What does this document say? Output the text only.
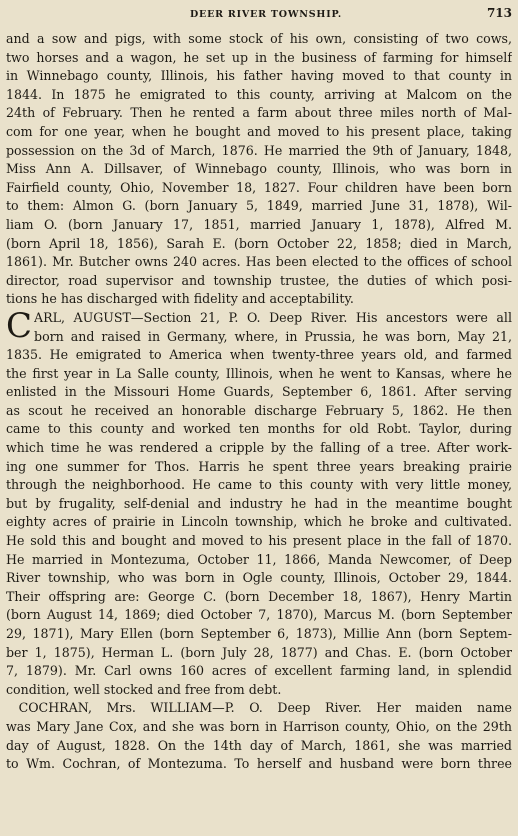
DEER RIVER TOWNSHIP.	713
and a sow and pigs, with some stock of his own, consisting of two cows,
two horses and a wagon, he set up in the business of farming for himself
in Winnebago county, Illinois, his father having moved to that county in
1844. In 1875 he emigrated to this county, arriving at Malcom on the
24th of February. Then he rented a farm about three miles north of Mal-
com for one year, when he bought and moved to his present place, taking
possession on the 3d of March, 1876. He married the 9th of January, 1848,
Miss Ann A. Dillsaver, of Winnebago county, Illinois, who was born in
Fairfield county, Ohio, November 18, 1827. Four children have been born
to them: Almon G. (born January 5, 1849, married June 31, 1878), Wil-
liam O. (born January 17, 1851, married January 1, 1878), Alfred M.
(born April 18, 1856), Sarah E. (born October 22, 1858; died in March,
1861). Mr. Butcher owns 240 acres. Has been elected to the offices of school
director, road supervisor and township trustee, the duties of which posi-
tions he has discharged with fidelity and acceptability.
C ARL, AUGUST—Section 21, P. O. Deep River. His ancestors were all
born and raised in Germany, where, in Prussia, he was born, May 21,
1835. He emigrated to America when twenty-three years old, and farmed
the first year in La Salle county, Illinois, when he went to Kansas, where he
enlisted in the Missouri Home Guards, September 6, 1861. After serving
as scout he received an honorable discharge February 5, 1862. He then
came to this county and worked ten months for old Robt. Taylor, during
which time he was rendered a cripple by the falling of a tree. After work-
ing one summer for Thos. Harris he spent three years breaking prairie
through the neighborhood. He came to this county with very little money,
but by frugality, self-denial and industry he had in the meantime bought
eighty acres of prairie in Lincoln township, which he broke and cultivated.
He sold this and bought and moved to his present place in the fall of 1870.
He married in Montezuma, October 11, 1866, Manda Newcomer, of Deep
River township, who was born in Ogle county, Illinois, October 29, 1844.
Their offspring are: George C. (born December 18, 1867), Henry Martin
(born August 14, 1869; died October 7, 1870), Marcus M. (born September
29, 1871), Mary Ellen (born September 6, 1873), Millie Ann (born Septem-
ber 1, 1875), Herman L. (born July 28, 1877) and Chas. E. (born October
7, 1879). Mr. Carl owns 160 acres of excellent farming land, in splendid
condition, well stocked and free from debt.
 COCHRAN, Mrs. WILLIAM—P. O. Deep River. Her maiden name
was Mary Jane Cox, and she was born in Harrison county, Ohio, on the 29th
day of August, 1828. On the 14th day of March, 1861, she was married
to Wm. Cochran, of Montezuma. To herself and husband were born three
